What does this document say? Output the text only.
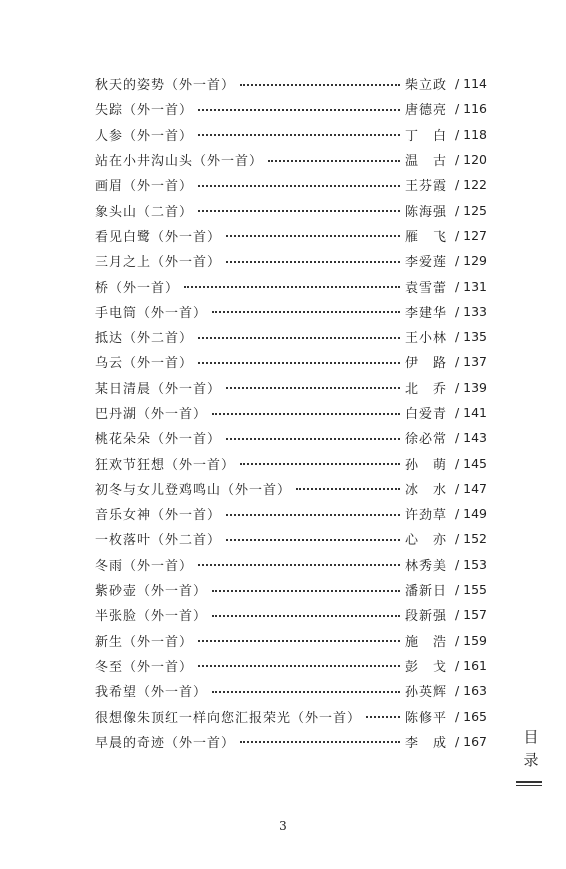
秋天的姿势（外一首）	柴立政 / 114
失踪（外一首）	唐德亮 / 116
人参（外一首）	丁　白 / 118
站在小井沟山头（外一首）	温　古 / 120
画眉（外一首）	王芬霞 / 122
象头山（二首）	陈海强 / 125
看见白鹭（外一首）	雁　飞 / 127
三月之上（外一首）	李爱莲 / 129
桥（外一首）	袁雪蕾 / 131
手电筒（外一首）	李建华 / 133
抵达（外二首）	王小林 / 135
乌云（外一首）	伊　路 / 137
某日清晨（外一首）	北　乔 / 139
巴丹湖（外一首）	白爱青 / 141
桃花朵朵（外一首）	徐必常 / 143
狂欢节狂想（外一首）	孙　萌 / 145
初冬与女儿登鸡鸣山（外一首）	冰　水 / 147
音乐女神（外一首）	许劲草 / 149
一枚落叶（外二首）	心　亦 / 152
冬雨（外一首）	林秀美 / 153
紫砂壶（外一首）	潘新日 / 155
半张脸（外一首）	段新强 / 157
新生（外一首）	施　浩 / 159
冬至（外一首）	彭　戈 / 161
我希望（外一首）	孙英辉 / 163
很想像朱顶红一样向您汇报荣光（外一首）	陈修平 / 165
早晨的奇迹（外一首）	李　成 / 167	目
录
3
